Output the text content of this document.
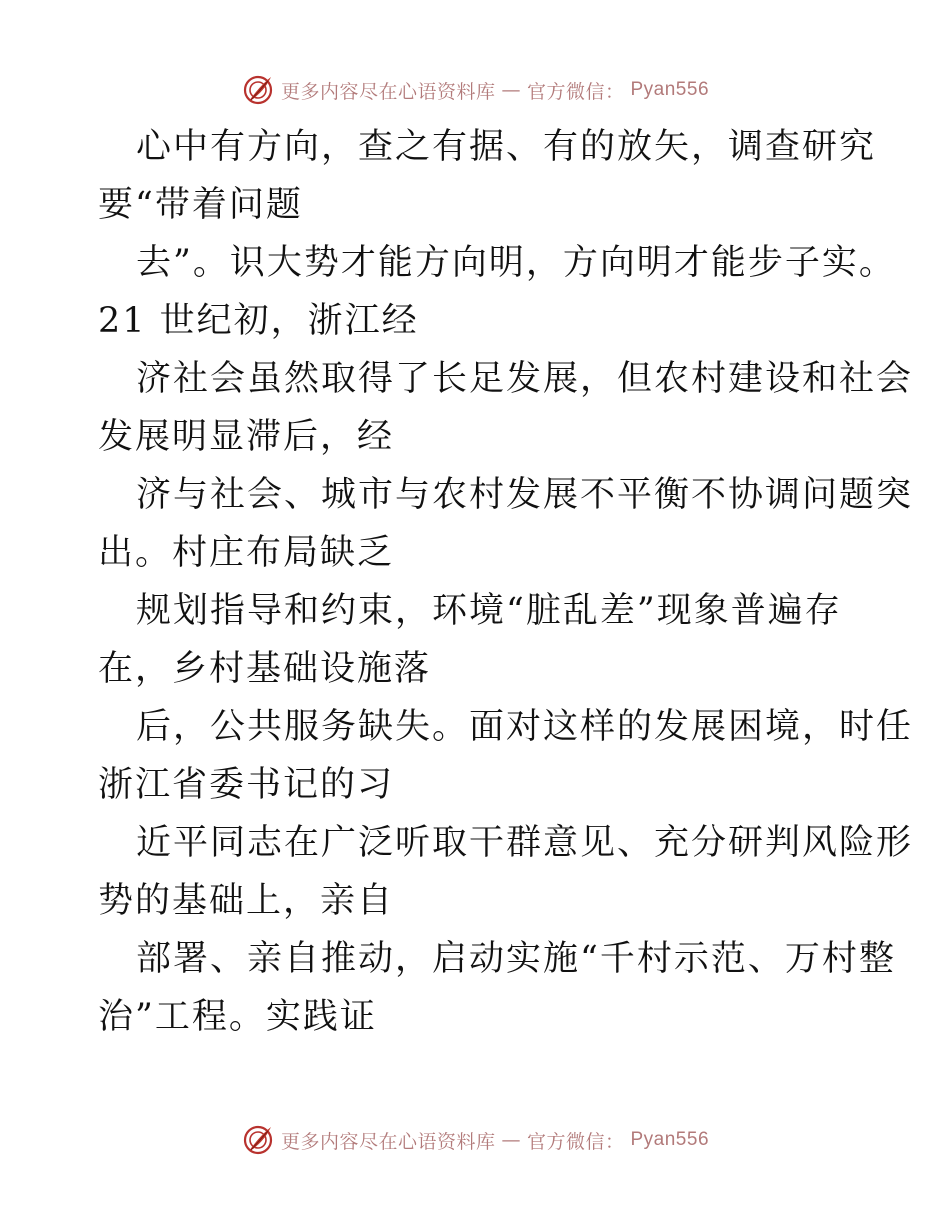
更多内容尽在心语资料库 — 官方微信： Pyan556
心中有方向，查之有据、有的放矢，调查研究
要“带着问题
去”。识大势才能方向明，方向明才能步子实。
21 世纪初，浙江经
济社会虽然取得了长足发展，但农村建设和社会
发展明显滞后，经
济与社会、城市与农村发展不平衡不协调问题突
出。村庄布局缺乏
规划指导和约束，环境“脏乱差”现象普遍存
在，乡村基础设施落
后，公共服务缺失。面对这样的发展困境，时任
浙江省委书记的习
近平同志在广泛听取干群意见、充分研判风险形
势的基础上，亲自
部署、亲自推动，启动实施“千村示范、万村整
治”工程。实践证
更多内容尽在心语资料库 — 官方微信： Pyan556
